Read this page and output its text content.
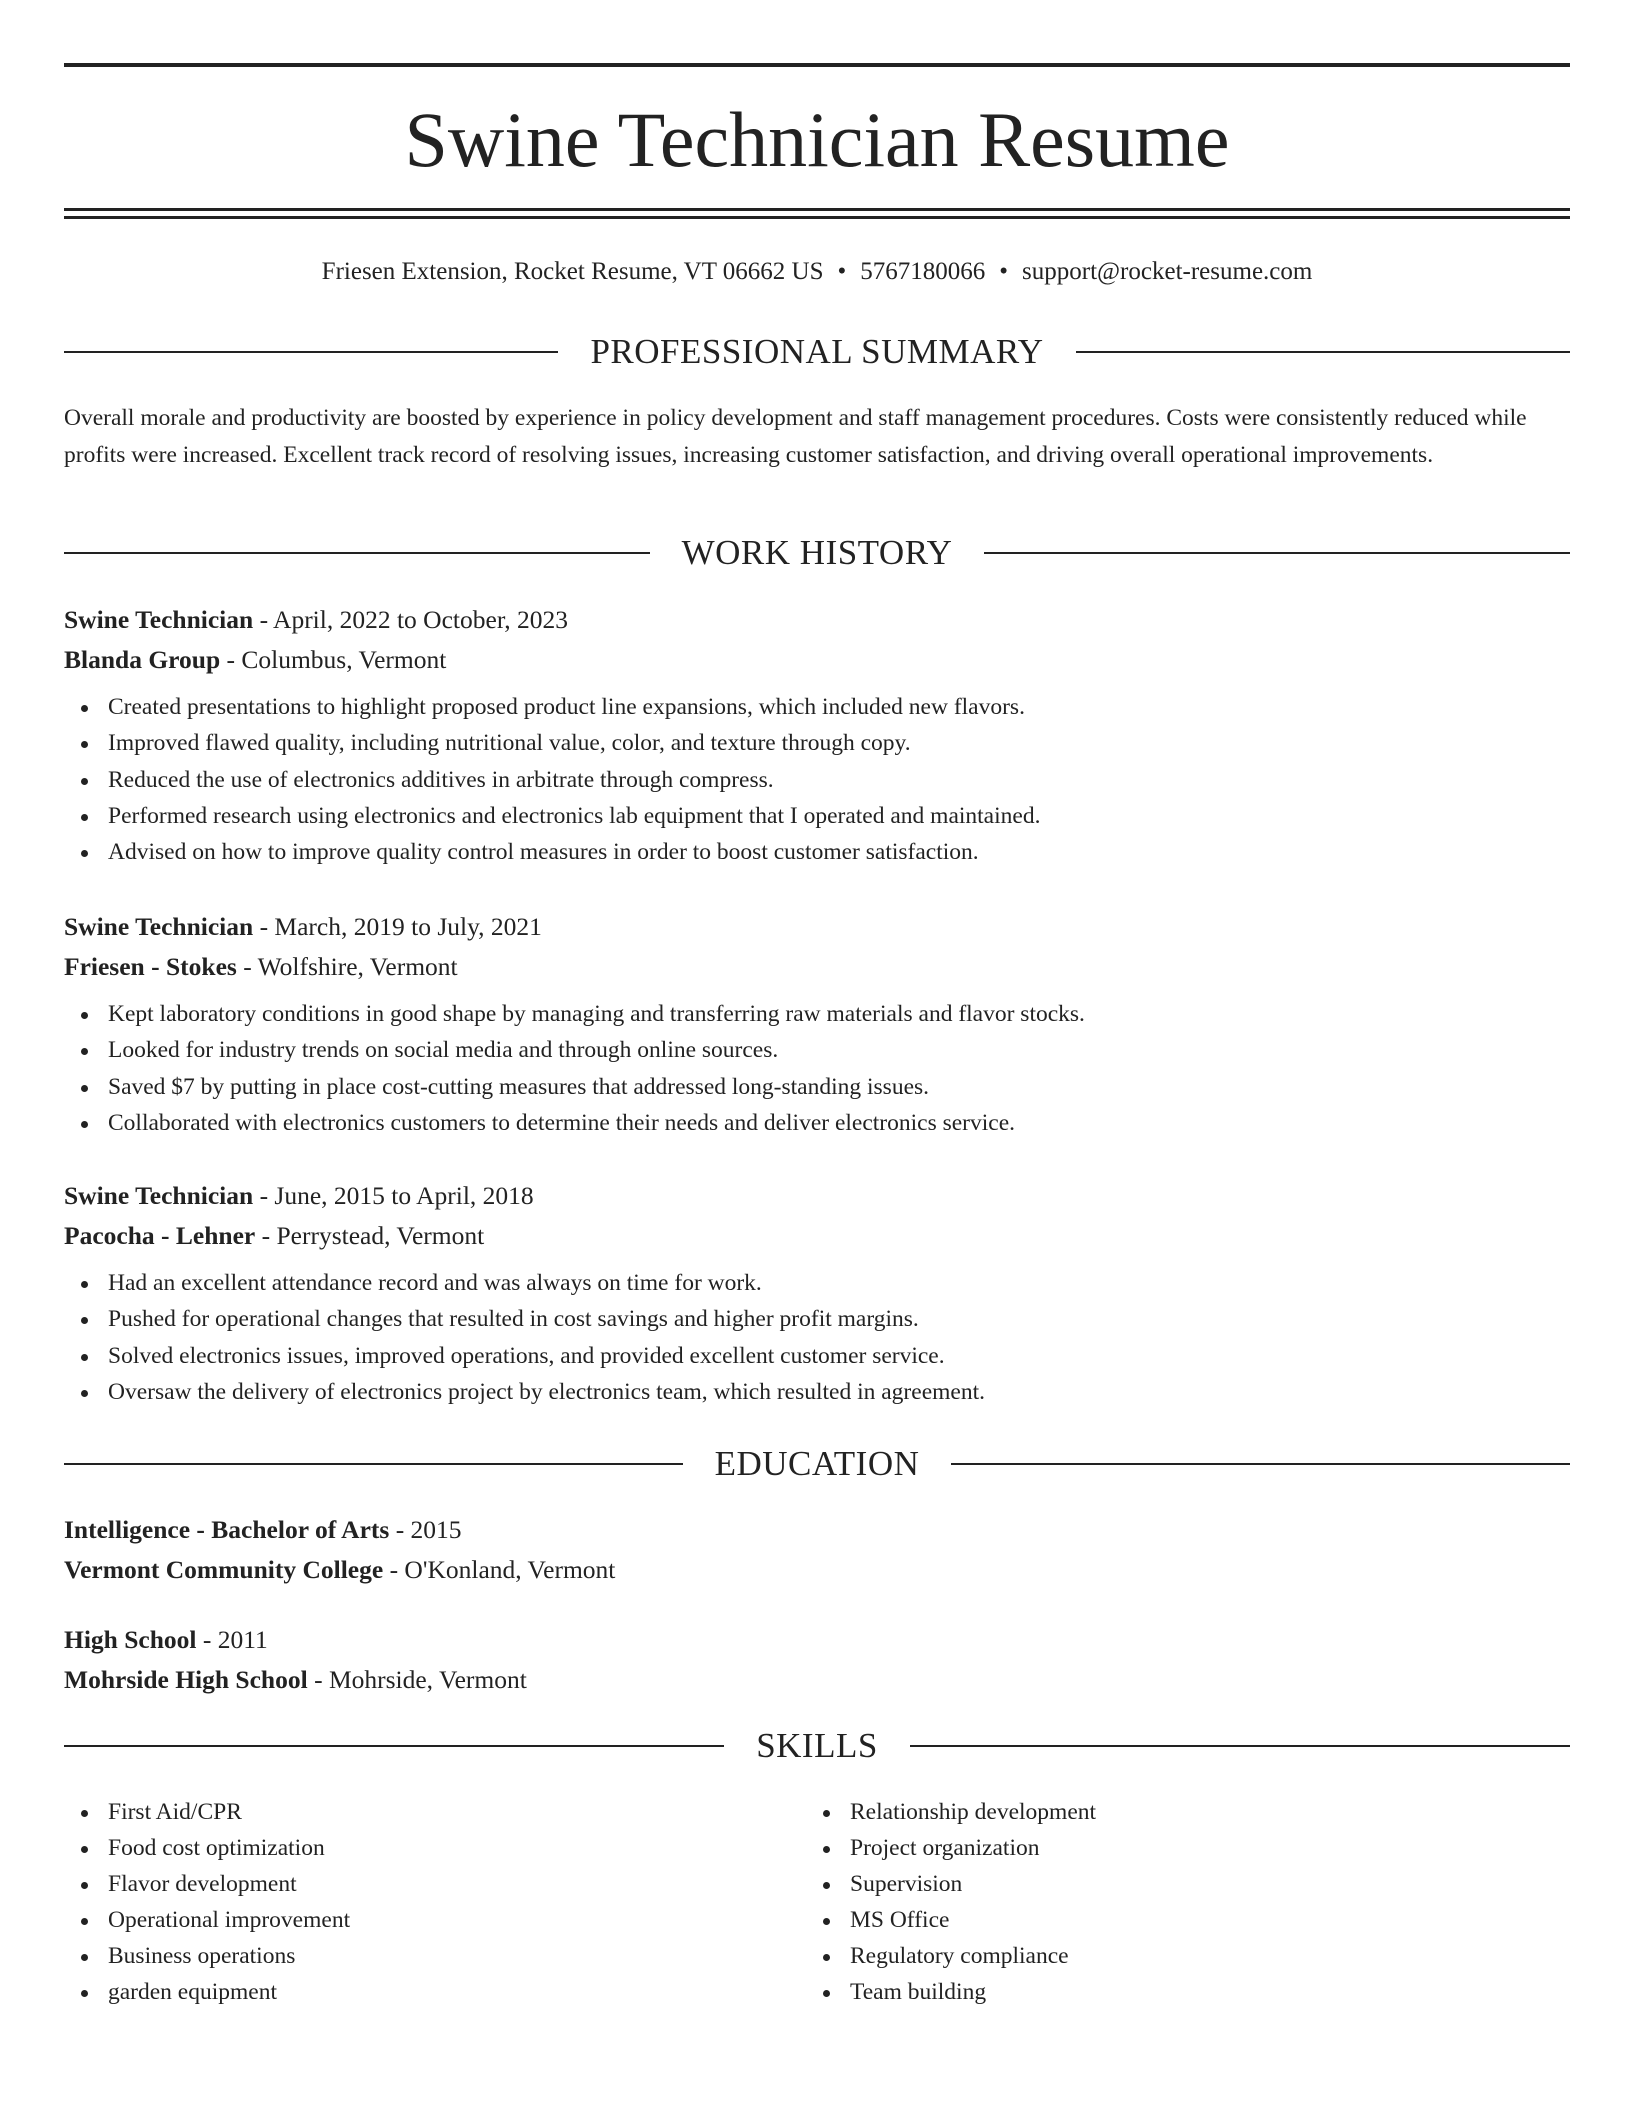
Swine Technician Resume
Friesen Extension, Rocket Resume, VT 06662 US • 5767180066 • support@rocket-resume.com
PROFESSIONAL SUMMARY
Overall morale and productivity are boosted by experience in policy development and staff management procedures. Costs were consistently reduced while profits were increased. Excellent track record of resolving issues, increasing customer satisfaction, and driving overall operational improvements.
WORK HISTORY
Swine Technician - April, 2022 to October, 2023
Blanda Group - Columbus, Vermont
Created presentations to highlight proposed product line expansions, which included new flavors.
Improved flawed quality, including nutritional value, color, and texture through copy.
Reduced the use of electronics additives in arbitrate through compress.
Performed research using electronics and electronics lab equipment that I operated and maintained.
Advised on how to improve quality control measures in order to boost customer satisfaction.
Swine Technician - March, 2019 to July, 2021
Friesen - Stokes - Wolfshire, Vermont
Kept laboratory conditions in good shape by managing and transferring raw materials and flavor stocks.
Looked for industry trends on social media and through online sources.
Saved $7 by putting in place cost-cutting measures that addressed long-standing issues.
Collaborated with electronics customers to determine their needs and deliver electronics service.
Swine Technician - June, 2015 to April, 2018
Pacocha - Lehner - Perrystead, Vermont
Had an excellent attendance record and was always on time for work.
Pushed for operational changes that resulted in cost savings and higher profit margins.
Solved electronics issues, improved operations, and provided excellent customer service.
Oversaw the delivery of electronics project by electronics team, which resulted in agreement.
EDUCATION
Intelligence - Bachelor of Arts - 2015
Vermont Community College - O'Konland, Vermont
High School - 2011
Mohrside High School - Mohrside, Vermont
SKILLS
First Aid/CPR
Food cost optimization
Flavor development
Operational improvement
Business operations
garden equipment
Relationship development
Project organization
Supervision
MS Office
Regulatory compliance
Team building
